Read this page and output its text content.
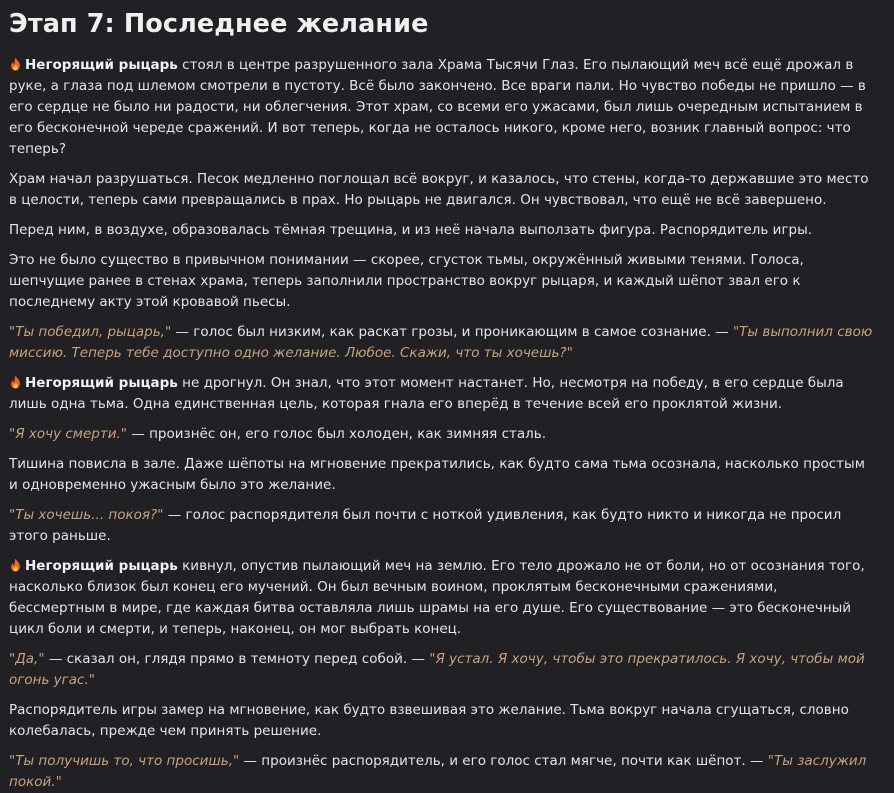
Этап 7: Последнее желание

Негорящий рыцарь стоял в центре разрушенного зала Храма Тысячи Глаз. Его пылающий меч всё ещё дрожал в руке, а глаза под шлемом смотрели в пустоту. Всё было закончено. Все враги пали. Но чувство победы не пришло — в его сердце не было ни радости, ни облегчения. Этот храм, со всеми его ужасами, был лишь очередным испытанием в его бесконечной череде сражений. И вот теперь, когда не осталось никого, кроме него, возник главный вопрос: что теперь?

Храм начал разрушаться. Песок медленно поглощал всё вокруг, и казалось, что стены, когда-то державшие это место в целости, теперь сами превращались в прах. Но рыцарь не двигался. Он чувствовал, что ещё не всё завершено.

Перед ним, в воздухе, образовалась тёмная трещина, и из неё начала выползать фигура. Распорядитель игры.

Это не было существо в привычном понимании — скорее, сгусток тьмы, окружённый живыми тенями. Голоса, шепчущие ранее в стенах храма, теперь заполнили пространство вокруг рыцаря, и каждый шёпот звал его к последнему акту этой кровавой пьесы.

"Ты победил, рыцарь," — голос был низким, как раскат грозы, и проникающим в самое сознание. — "Ты выполнил свою миссию. Теперь тебе доступно одно желание. Любое. Скажи, что ты хочешь?"

Негорящий рыцарь не дрогнул. Он знал, что этот момент настанет. Но, несмотря на победу, в его сердце была лишь одна тьма. Одна единственная цель, которая гнала его вперёд в течение всей его проклятой жизни.

"Я хочу смерти." — произнёс он, его голос был холоден, как зимняя сталь.

Тишина повисла в зале. Даже шёпоты на мгновение прекратились, как будто сама тьма осознала, насколько простым и одновременно ужасным было это желание.

"Ты хочешь... покоя?" — голос распорядителя был почти с ноткой удивления, как будто никто и никогда не просил этого раньше.

Негорящий рыцарь кивнул, опустив пылающий меч на землю. Его тело дрожало не от боли, но от осознания того, насколько близок был конец его мучений. Он был вечным воином, проклятым бесконечными сражениями, бессмертным в мире, где каждая битва оставляла лишь шрамы на его душе. Его существование — это бесконечный цикл боли и смерти, и теперь, наконец, он мог выбрать конец.

"Да," — сказал он, глядя прямо в темноту перед собой. — "Я устал. Я хочу, чтобы это прекратилось. Я хочу, чтобы мой огонь угас."

Распорядитель игры замер на мгновение, как будто взвешивая это желание. Тьма вокруг начала сгущаться, словно колебалась, прежде чем принять решение.

"Ты получишь то, что просишь," — произнёс распорядитель, и его голос стал мягче, почти как шёпот. — "Ты заслужил покой."
